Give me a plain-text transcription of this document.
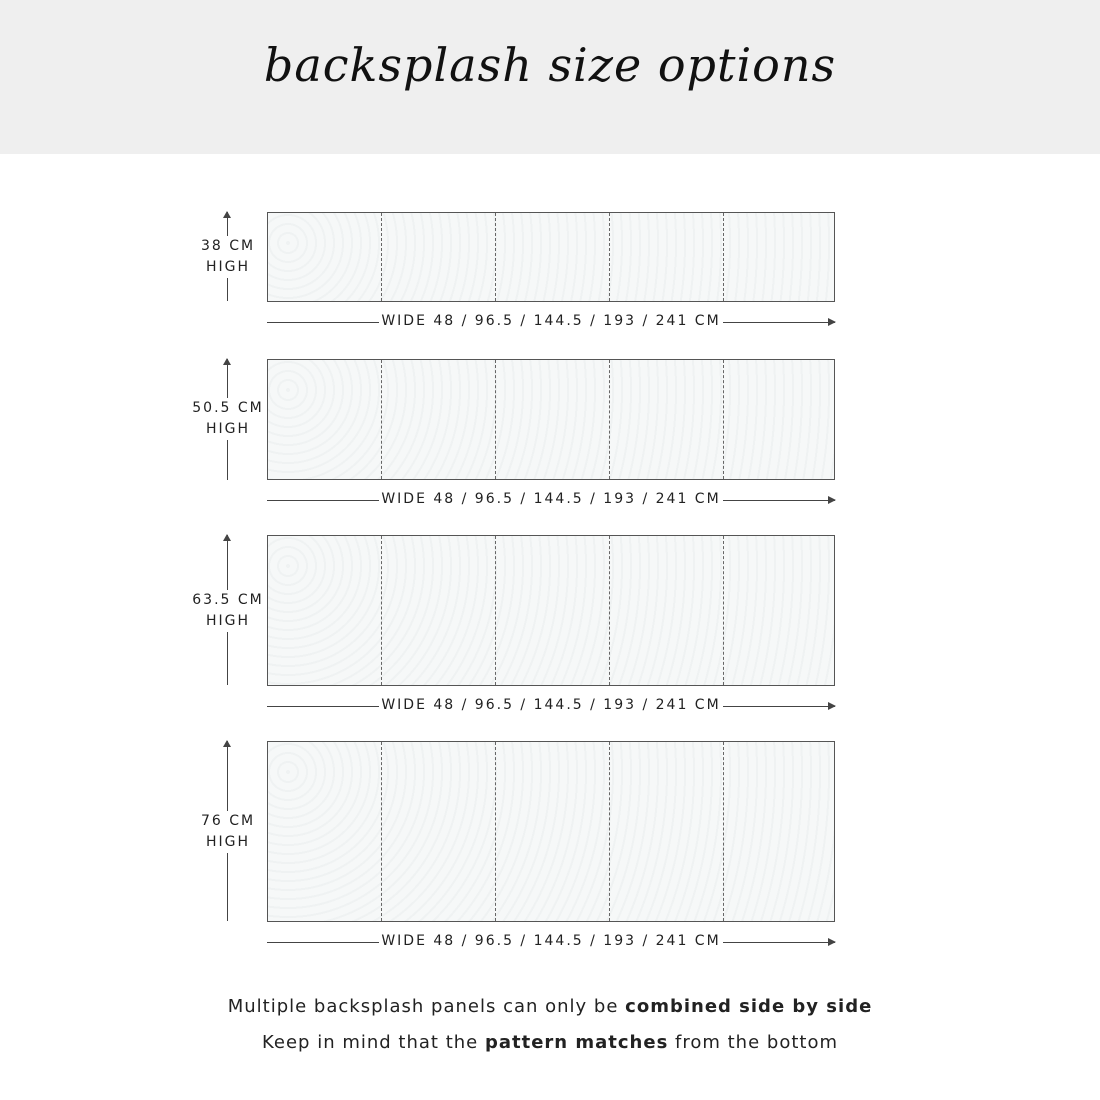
backsplash size options
38 CM
HIGH
WIDE 48 / 96.5 / 144.5 / 193 / 241 CM
50.5 CM
HIGH
WIDE 48 / 96.5 / 144.5 / 193 / 241 CM
63.5 CM
HIGH
WIDE 48 / 96.5 / 144.5 / 193 / 241 CM
76 CM
HIGH
WIDE 48 / 96.5 / 144.5 / 193 / 241 CM
Multiple backsplash panels can only be combined side by side
Keep in mind that the pattern matches from the bottom
